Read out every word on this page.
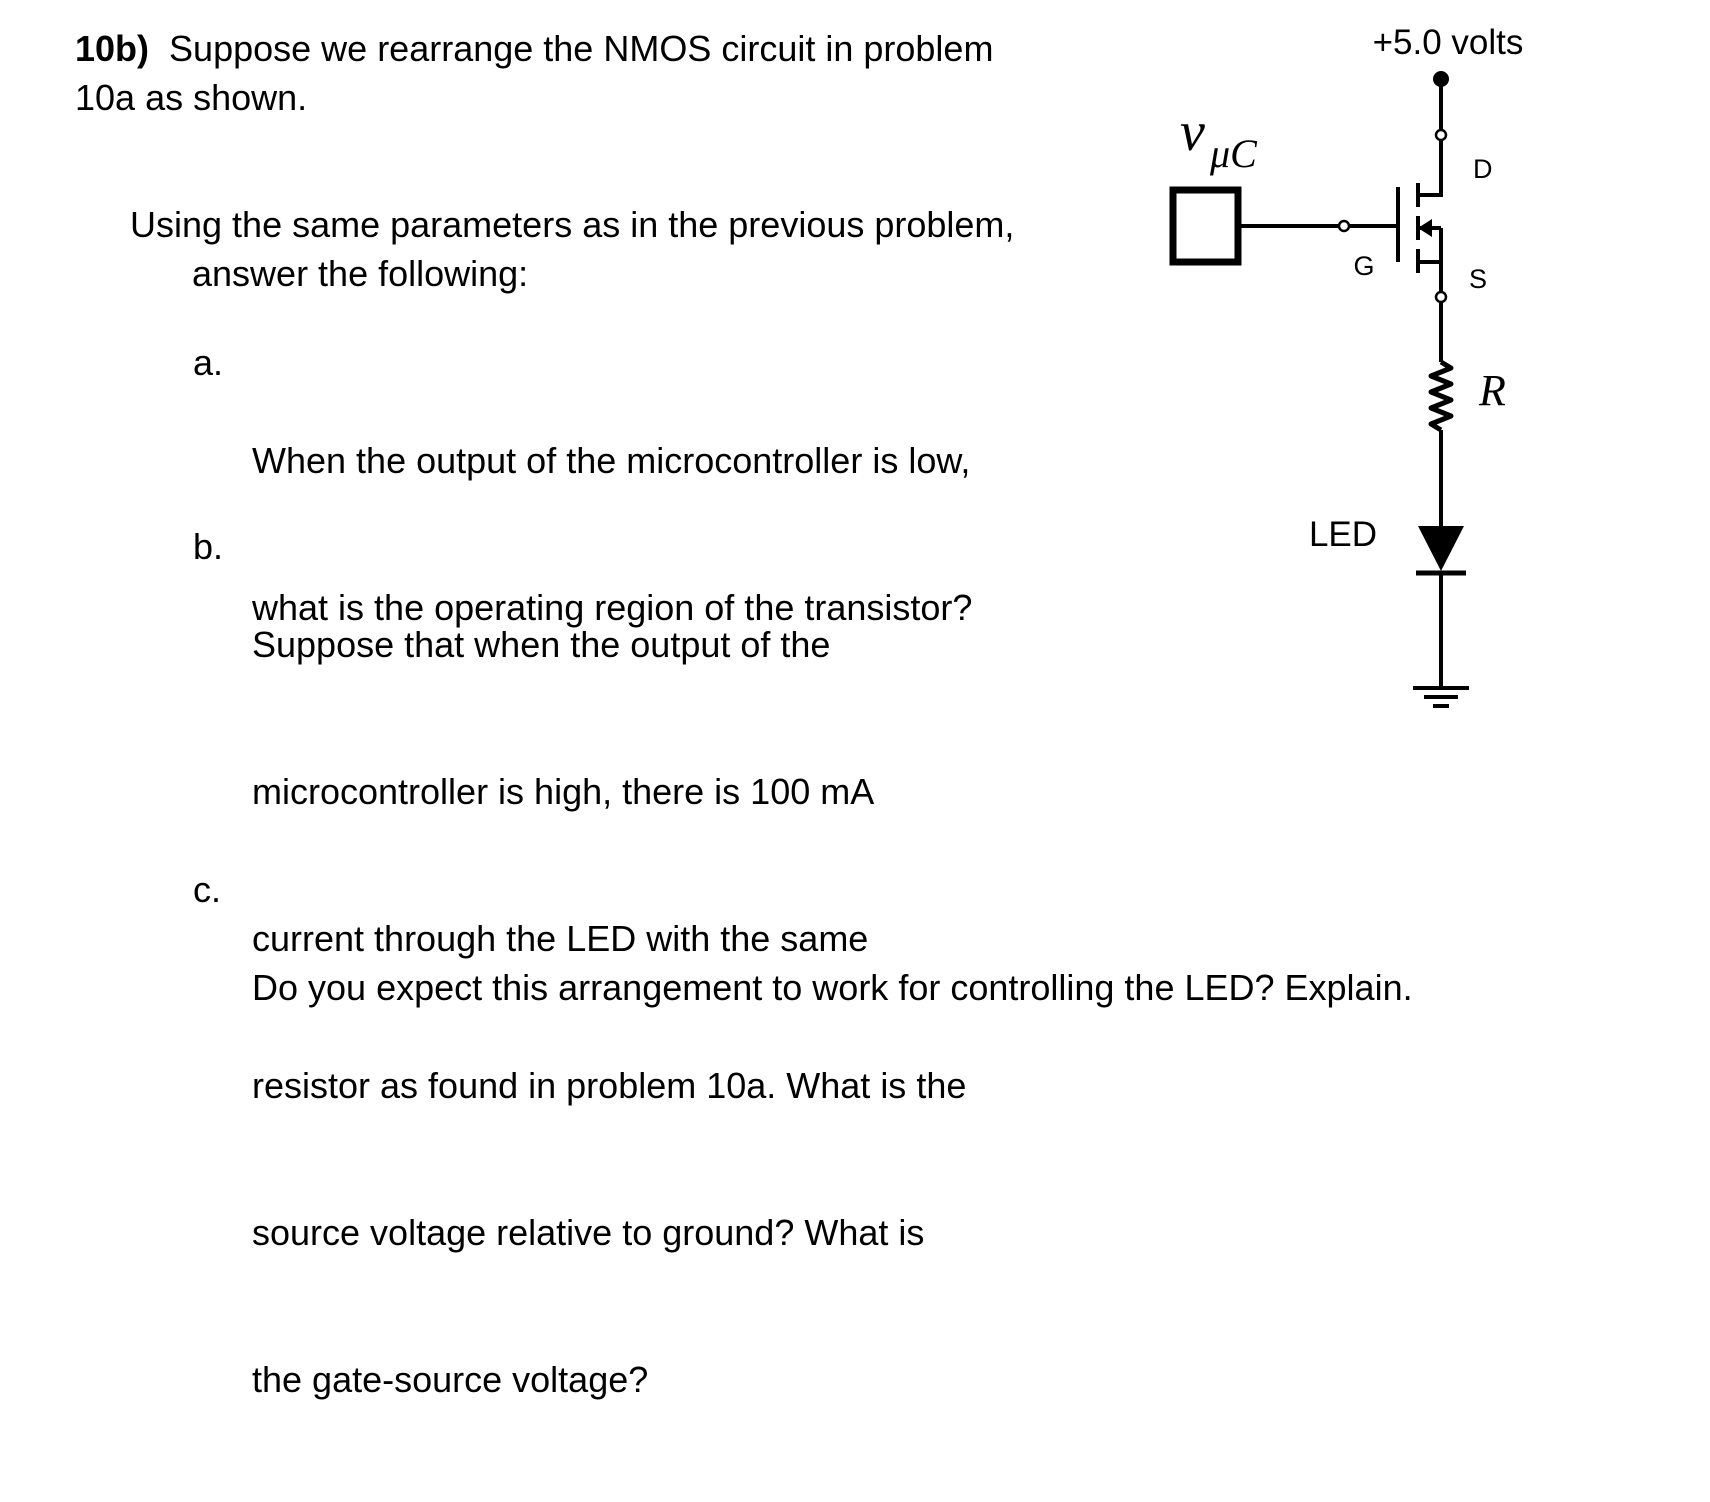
10b) Suppose we rearrange the NMOS circuit in problem
10a as shown.
Using the same parameters as in the previous problem,

answer the following:

a.

When the output of the microcontroller is low,

what is the operating region of the transistor?

b.

Suppose that when the output of the

microcontroller is high, there is 100 mA

current through the LED with the same

resistor as found in problem 10a. What is the

source voltage relative to ground? What is

the gate-source voltage?

c.

Do you expect this arrangement to work for controlling the LED? Explain.

+5.0 volts
D
S
G
v μC
R
LED
